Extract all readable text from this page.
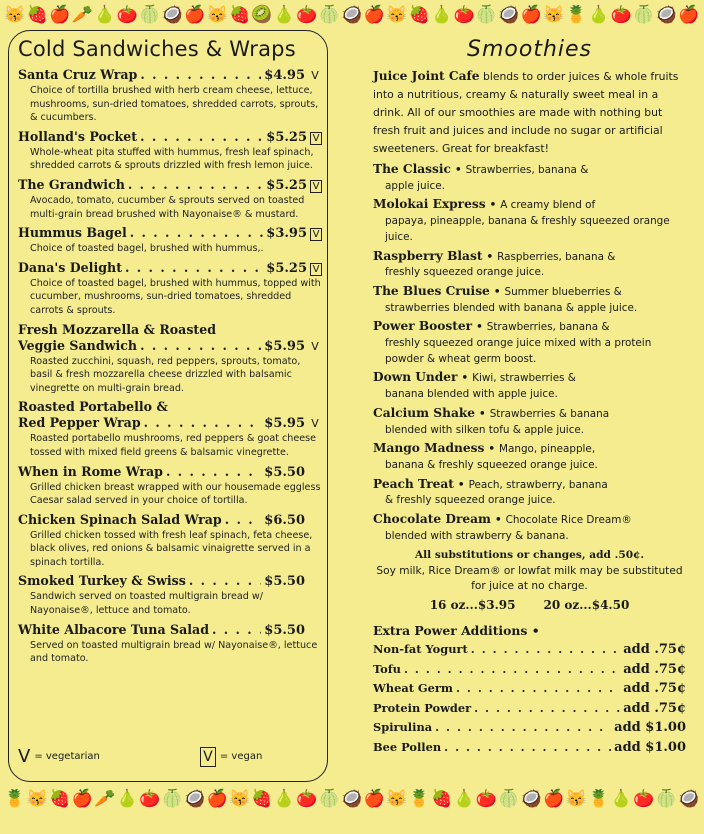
😽 🍓 🍎 🥕 🍐 🍅 🍈 🥥 🍎 😽 🍓 🥝 🍐 🍅 🍈 🥥 🍎 😽 🍓 🍐 🍅 🍈 🥥 🍎 😽 🍍 🍐 🍅 🍈 🥥 🍎
Cold Sandwiches & Wraps
Santa Cruz Wrap . . .	$4.95 V

Choice of tortilla brushed with herb cream cheese, lettuce, mushrooms, sun-dried tomatoes, shredded carrots, sprouts, & cucumbers.

Holland's Pocket . . .	$5.25 V

Whole-wheat pita stuffed with hummus, fresh leaf spinach, shredded carrots & sprouts drizzled with fresh lemon juice.

The Grandwich . . .	$5.25 V

Avocado, tomato, cucumber & sprouts served on toasted multi-grain bread brushed with Nayonaise® & mustard.

Hummus Bagel . . .	$3.95 V

Choice of toasted bagel, brushed with hummus,.

Dana's Delight . . .	$5.25 V

Choice of toasted bagel, brushed with hummus, topped with cucumber, mushrooms, sun-dried tomatoes, shredded carrots & sprouts.

Fresh Mozzarella & Roasted
Veggie Sandwich . . .	$5.95 V

Roasted zucchini, squash, red peppers, sprouts, tomato, basil & fresh mozzarella cheese drizzled with balsamic vinegrette on multi-grain bread.

Roasted Portabello &
Red Pepper Wrap . . .	$5.95 V

Roasted portabello mushrooms, red peppers & goat cheese tossed with mixed field greens & balsamic vinegrette.

When in Rome Wrap . . .	$5.50

Grilled chicken breast wrapped with our housemade eggless Caesar salad served in your choice of tortilla.

Chicken Spinach Salad Wrap . . .	$6.50

Grilled chicken tossed with fresh leaf spinach, feta cheese, black olives, red onions & balsamic vinaigrette served in a spinach tortilla.

Smoked Turkey & Swiss . . .	$5.50

Sandwich served on toasted multigrain bread w/ Nayonaise®, lettuce and tomato.

White Albacore Tuna Salad . . .	$5.50

Served on toasted multigrain bread w/ Nayonaise®, lettuce and tomato.

V = vegetarian	V = vegan
Smoothies

Juice Joint Cafe blends to order juices & whole fruits into a nutritious, creamy & naturally sweet meal in a drink. All of our smoothies are made with nothing but fresh fruit and juices and include no sugar or artificial sweeteners. Great for breakfast!

The Classic • Strawberries, banana &
apple juice.

Molokai Express • A creamy blend of
papaya, pineapple, banana & freshly squeezed orange juice.

Raspberry Blast • Raspberries, banana &
freshly squeezed orange juice.

The Blues Cruise • Summer blueberries &
strawberries blended with banana & apple juice.

Power Booster • Strawberries, banana &
freshly squeezed orange juice mixed with a protein powder & wheat germ boost.

Down Under • Kiwi, strawberries &
banana blended with apple juice.

Calcium Shake • Strawberries & banana
blended with silken tofu & apple juice.

Mango Madness • Mango, pineapple,
banana & freshly squeezed orange juice.

Peach Treat • Peach, strawberry, banana
& freshly squeezed orange juice.

Chocolate Dream • Chocolate Rice Dream®
blended with strawberry & banana.

All substitutions or changes, add .50¢.
Soy milk, Rice Dream® or lowfat milk may be substituted for juice at no charge.
16 oz...$3.95 20 oz...$4.50

Extra Power Additions •

Non-fat Yogurt . . .	add .75¢
Tofu . . .	add .75¢
Wheat Germ . . .	add .75¢
Protein Powder . . .	add .75¢
Spirulina . . .	add $1.00
Bee Pollen . . .	add $1.00
🍍 😽 🍓 🍎 🥕 🍐 🍅 🍈 🥥 🍎 😽 🍓 🍐 🍅 🍈 🥥 🍎 😽 🍍 🍓 🍐 🍅 🍈 🥥 🍎 😽 🍍 🍐 🍅 🍈 🥥
